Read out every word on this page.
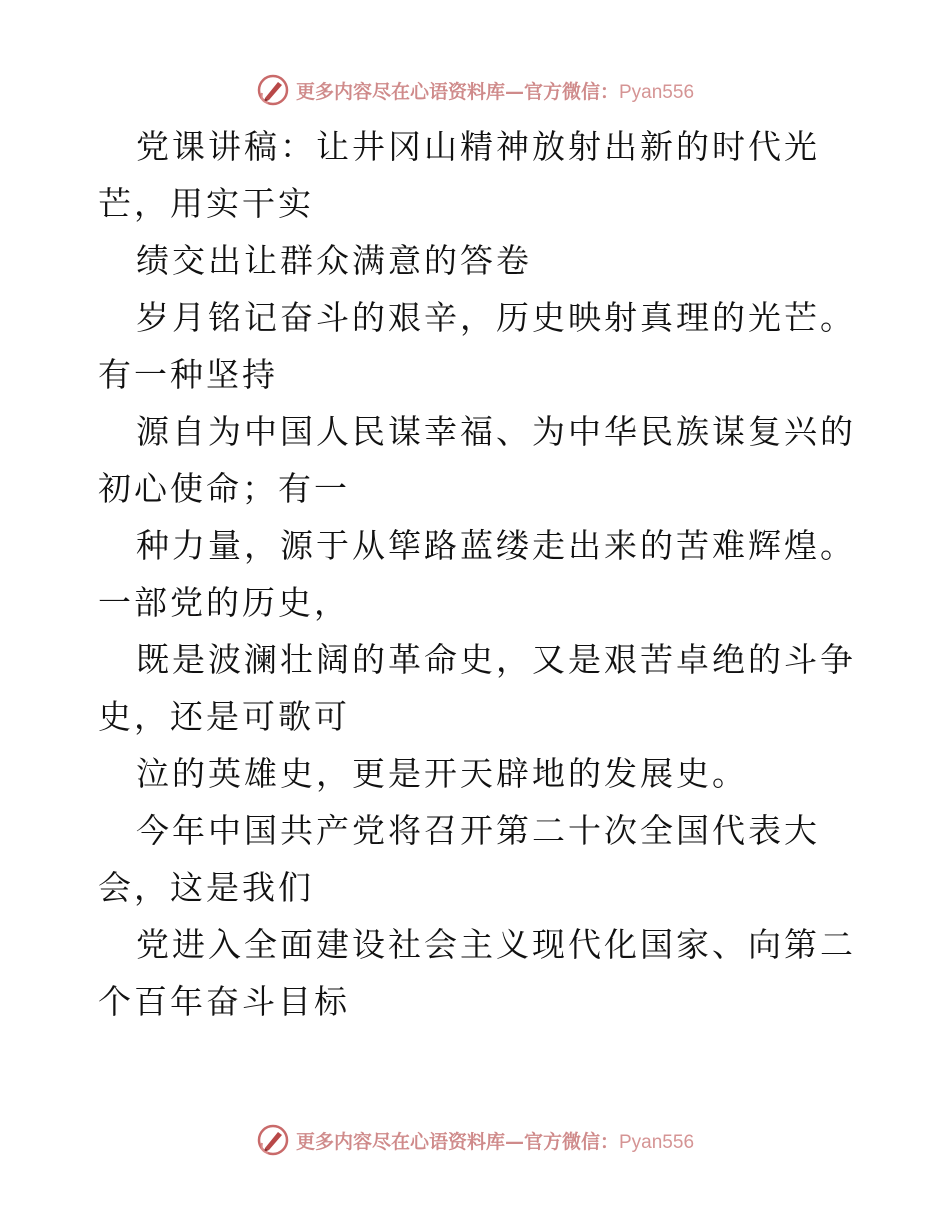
更多内容尽在心语资料库—官方微信：Pyan556

党课讲稿：让井冈山精神放射出新的时代光芒，用实干实

绩交出让群众满意的答卷

岁月铭记奋斗的艰辛，历史映射真理的光芒。有一种坚持

源自为中国人民谋幸福、为中华民族谋复兴的初心使命；有一

种力量，源于从筚路蓝缕走出来的苦难辉煌。一部党的历史，

既是波澜壮阔的革命史，又是艰苦卓绝的斗争史，还是可歌可

泣的英雄史，更是开天辟地的发展史。

今年中国共产党将召开第二十次全国代表大会，这是我们

党进入全面建设社会主义现代化国家、向第二个百年奋斗目标

更多内容尽在心语资料库—官方微信：Pyan556
